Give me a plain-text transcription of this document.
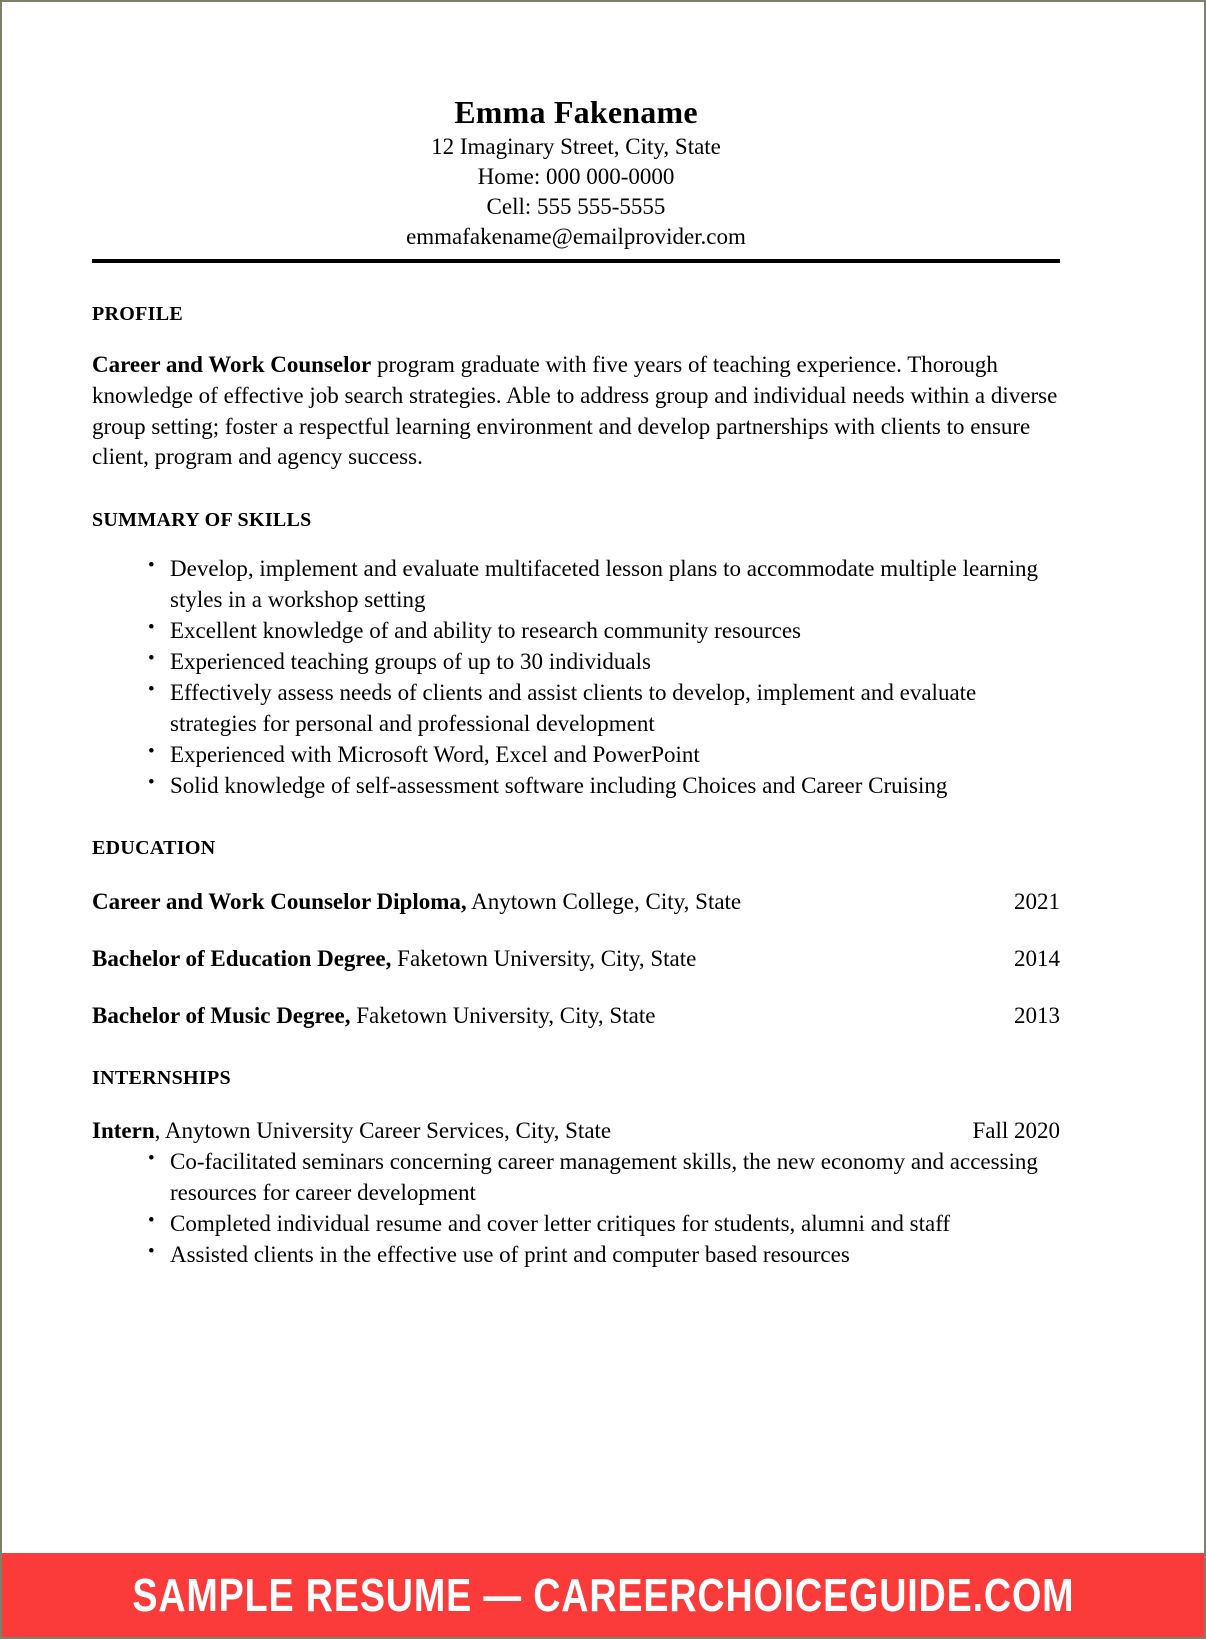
Emma Fakename
12 Imaginary Street, City, State
Home: 000 000-0000
Cell: 555 555-5555
emmafakename@emailprovider.com
PROFILE

Career and Work Counselor program graduate with five years of teaching experience. Thorough knowledge of effective job search strategies. Able to address group and individual needs within a diverse group setting; foster a respectful learning environment and develop partnerships with clients to ensure client, program and agency success.

SUMMARY OF SKILLS
• Develop, implement and evaluate multifaceted lesson plans to accommodate multiple learning styles in a workshop setting
• Excellent knowledge of and ability to research community resources
• Experienced teaching groups of up to 30 individuals
• Effectively assess needs of clients and assist clients to develop, implement and evaluate strategies for personal and professional development
• Experienced with Microsoft Word, Excel and PowerPoint
• Solid knowledge of self-assessment software including Choices and Career Cruising
EDUCATION
Career and Work Counselor Diploma, Anytown College, City, State	2021
Bachelor of Education Degree, Faketown University, City, State	2014
Bachelor of Music Degree, Faketown University, City, State	2013
INTERNSHIPS
Intern, Anytown University Career Services, City, State	Fall 2020
• Co-facilitated seminars concerning career management skills, the new economy and accessing resources for career development
• Completed individual resume and cover letter critiques for students, alumni and staff
• Assisted clients in the effective use of print and computer based resources
SAMPLE RESUME — CAREERCHOICEGUIDE.COM
